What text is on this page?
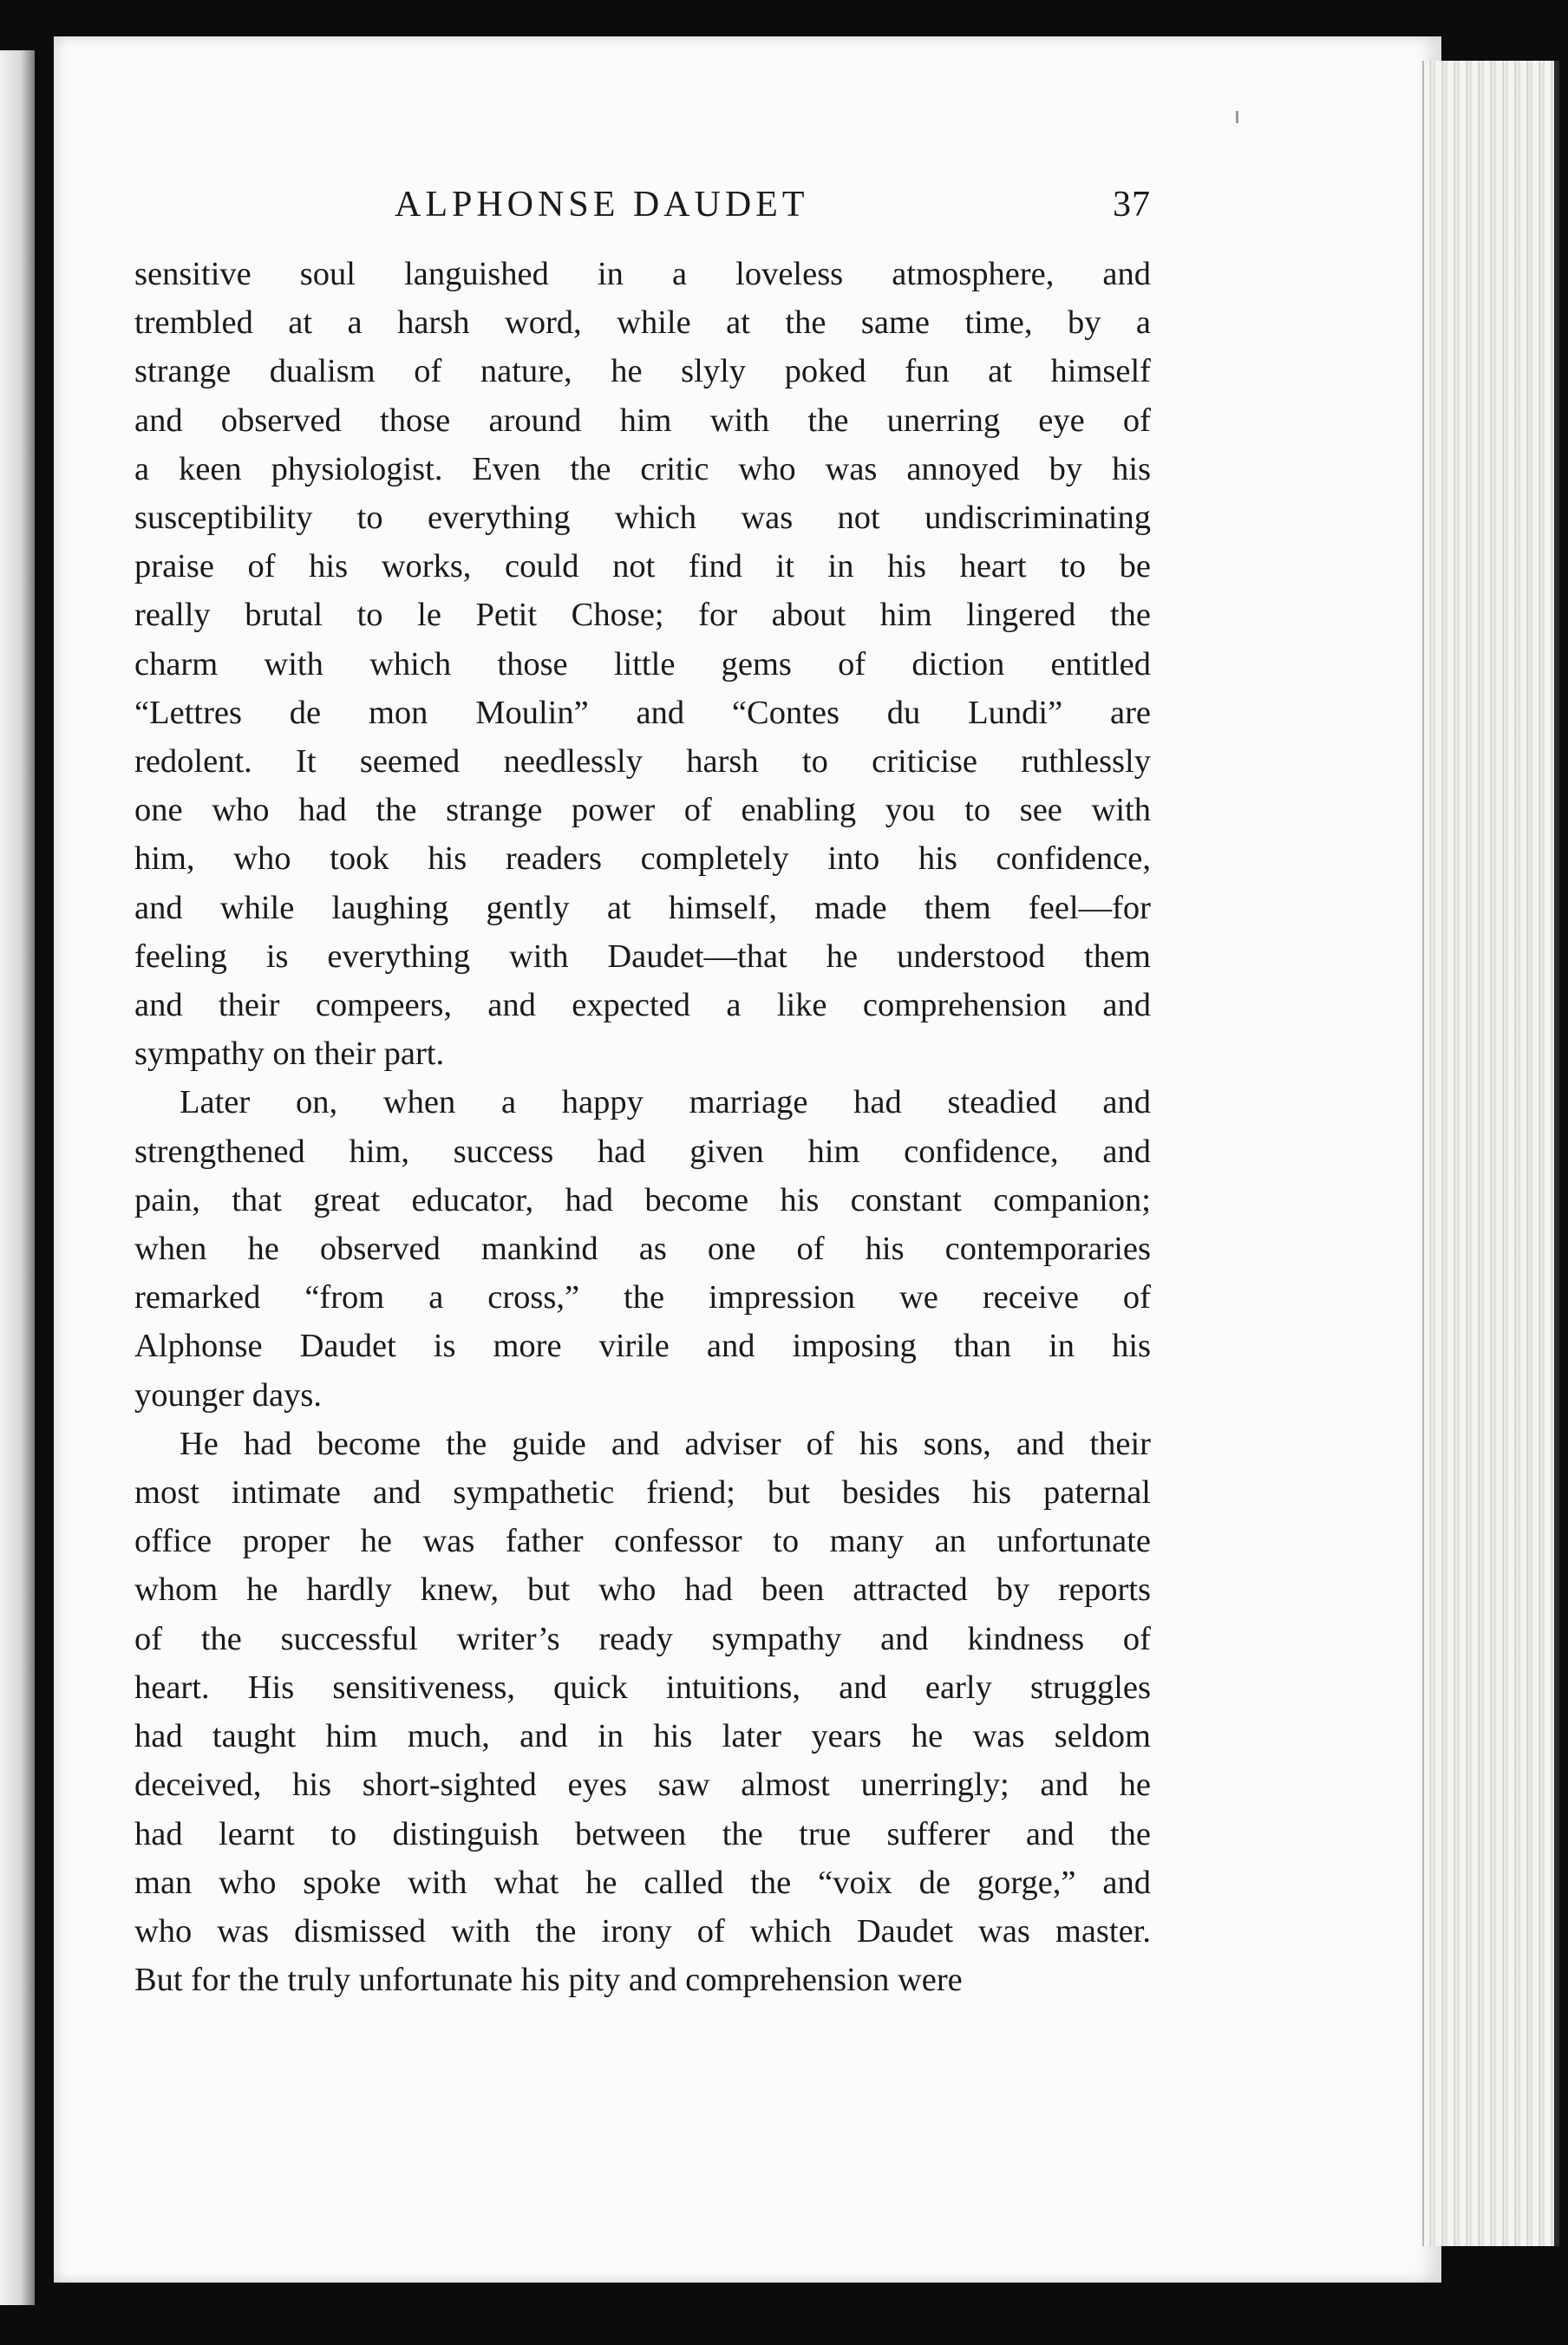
ALPHONSE DAUDET	37

sensitive soul languished in a loveless atmosphere, and
trembled at a harsh word, while at the same time, by a
strange dualism of nature, he slyly poked fun at himself
and observed those around him with the unerring eye of
a keen physiologist. Even the critic who was annoyed by his
susceptibility to everything which was not undiscriminating
praise of his works, could not find it in his heart to be
really brutal to le Petit Chose; for about him lingered the
charm with which those little gems of diction entitled
“Lettres de mon Moulin” and “Contes du Lundi” are
redolent. It seemed needlessly harsh to criticise ruthlessly
one who had the strange power of enabling you to see with
him, who took his readers completely into his confidence,
and while laughing gently at himself, made them feel—for
feeling is everything with Daudet—that he understood them
and their compeers, and expected a like comprehension and
sympathy on their part.

Later on, when a happy marriage had steadied and
strengthened him, success had given him confidence, and
pain, that great educator, had become his constant companion;
when he observed mankind as one of his contemporaries
remarked “from a cross,” the impression we receive of
Alphonse Daudet is more virile and imposing than in his
younger days.

He had become the guide and adviser of his sons, and their
most intimate and sympathetic friend; but besides his paternal
office proper he was father confessor to many an unfortunate
whom he hardly knew, but who had been attracted by reports
of the successful writer’s ready sympathy and kindness of
heart. His sensitiveness, quick intuitions, and early struggles
had taught him much, and in his later years he was seldom
deceived, his short-sighted eyes saw almost unerringly; and he
had learnt to distinguish between the true sufferer and the
man who spoke with what he called the “voix de gorge,” and
who was dismissed with the irony of which Daudet was master.
But for the truly unfortunate his pity and comprehension were
